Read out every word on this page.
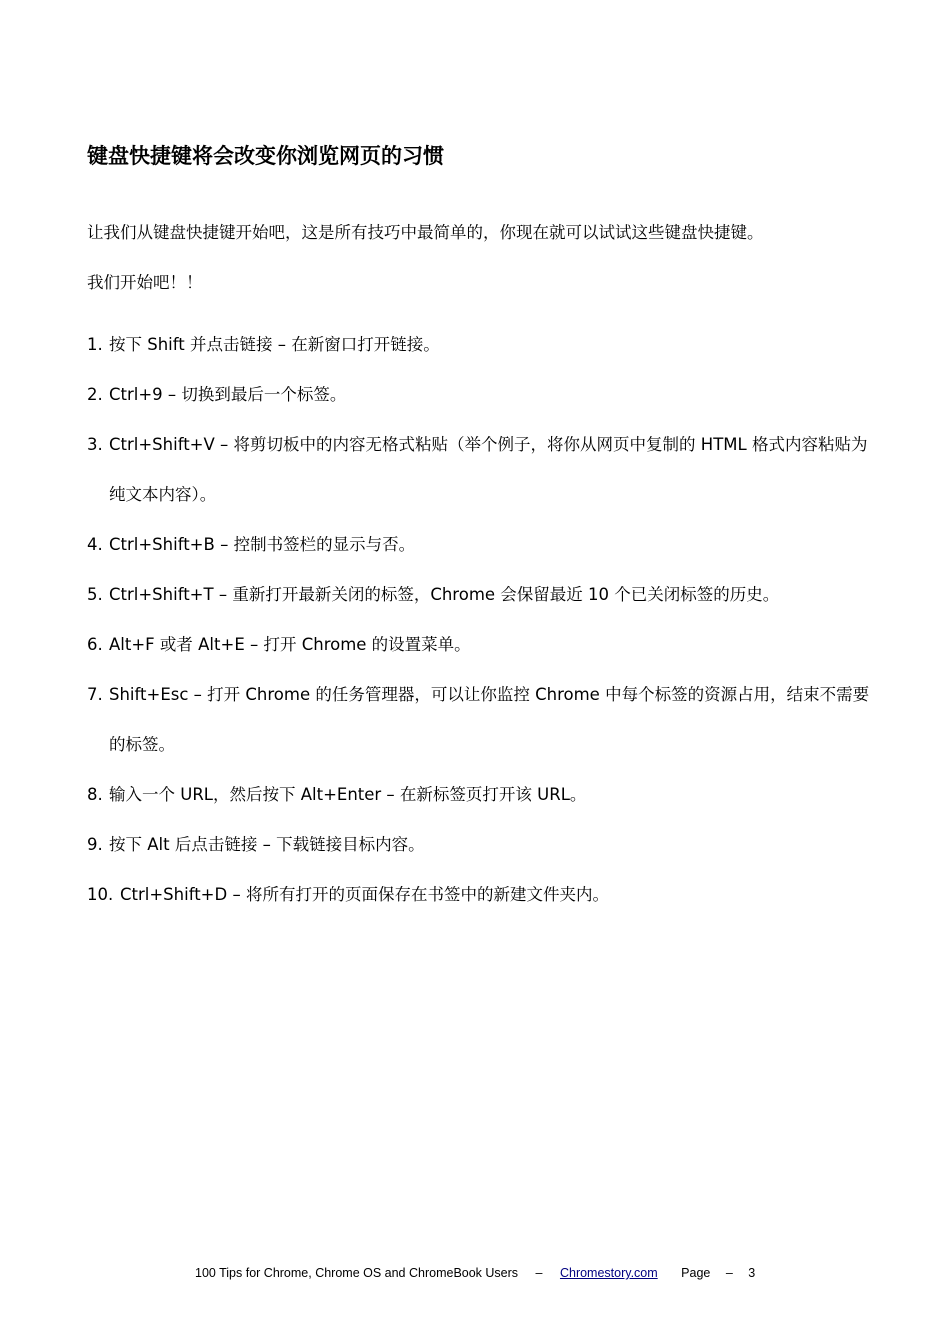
键盘快捷键将会改变你浏览网页的习惯
让我们从键盘快捷键开始吧，这是所有技巧中最简单的，你现在就可以试试这些键盘快捷键。
我们开始吧！！
1. 按下 Shift 并点击链接 – 在新窗口打开链接。
2. Ctrl+9 – 切换到最后一个标签。
3. Ctrl+Shift+V – 将剪切板中的内容无格式粘贴（举个例子，将你从网页中复制的 HTML 格式内容粘贴为纯文本内容）。
4. Ctrl+Shift+B – 控制书签栏的显示与否。
5. Ctrl+Shift+T – 重新打开最新关闭的标签，Chrome 会保留最近 10 个已关闭标签的历史。
6. Alt+F 或者 Alt+E – 打开 Chrome 的设置菜单。
7. Shift+Esc – 打开 Chrome 的任务管理器，可以让你监控 Chrome 中每个标签的资源占用，结束不需要的标签。
8. 输入一个 URL，然后按下 Alt+Enter – 在新标签页打开该 URL。
9. 按下 Alt 后点击链接 – 下载链接目标内容。
10. Ctrl+Shift+D – 将所有打开的页面保存在书签中的新建文件夹内。
100 Tips for Chrome, Chrome OS and ChromeBook Users – Chromestory.com Page – 3
